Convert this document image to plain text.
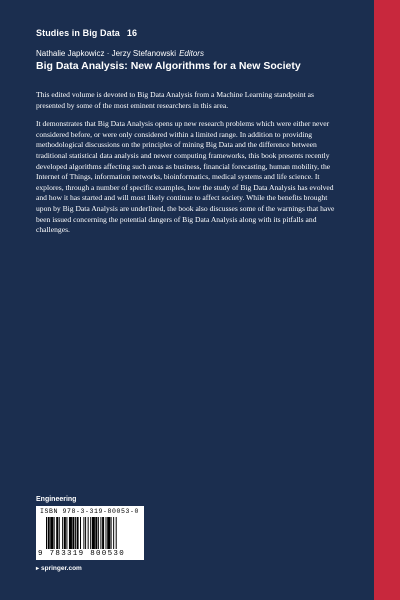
Studies in Big Data 16
Nathalie Japkowicz · Jerzy Stefanowski Editors
Big Data Analysis: New Algorithms for a New Society

This edited volume is devoted to Big Data Analysis from a Machine Learning standpoint as presented by some of the most eminent researchers in this area.

It demonstrates that Big Data Analysis opens up new research problems which were either never considered before, or were only considered within a limited range. In addition to providing methodological discussions on the principles of mining Big Data and the difference between traditional statistical data analysis and newer computing frameworks, this book presents recently developed algorithms affecting such areas as business, financial forecasting, human mobility, the Internet of Things, information networks, bioinformatics, medical systems and life science. It explores, through a number of specific examples, how the study of Big Data Analysis has evolved and how it has started and will most likely continue to affect society. While the benefits brought upon by Big Data Analysis are underlined, the book also discusses some of the warnings that have been issued concerning the potential dangers of Big Data Analysis along with its pitfalls and challenges.

Engineering
ISBN 978-3-319-80053-0
9 783319 800530
▸ springer.com
